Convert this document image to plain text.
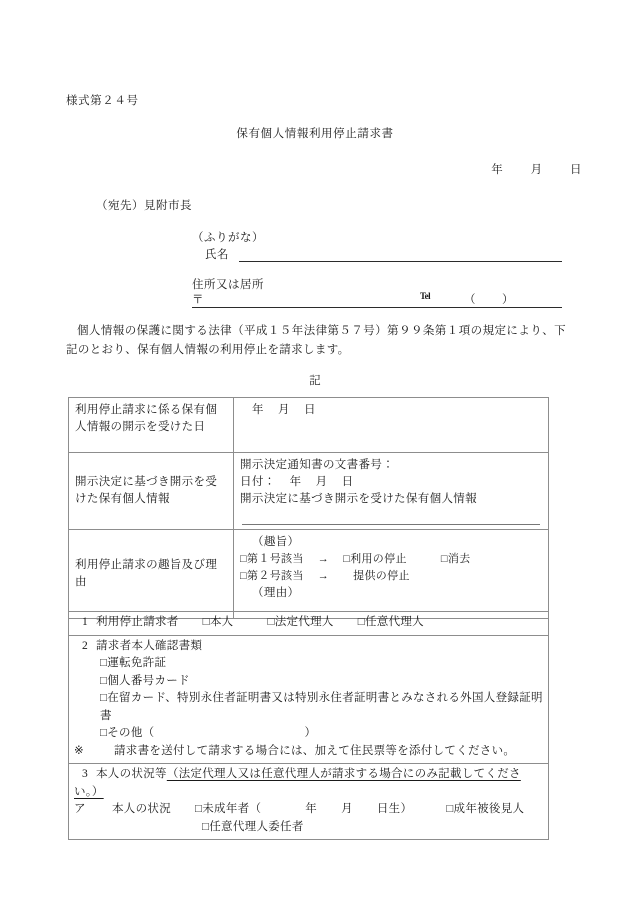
様式第２４号
保有個人情報利用停止請求書
年 月 日
（宛先）見附市長
（ふりがな）
氏名
住所又は居所
〒	Tel	（ ）
個人情報の保護に関する法律（平成１５年法律第５７号）第９９条第１項の規定により、下記のとおり、保有個人情報の利用停止を請求します。
記
利用停止請求に係る保有個人情報の開示を受けた日	年 月 日

開示決定に基づき開示を受けた保有個人情報	開示決定通知書の文書番号：
日付： 年 月 日
開示決定に基づき開示を受けた保有個人情報

利用停止請求の趣旨及び理由	（趣旨）
□第１号該当 → □利用の停止 □消去
□第２号該当 → 提供の停止
（理由）
1 利用停止請求者 □本人	□法定代理人 □任意代理人

2 請求者本人確認書類
□運転免許証
□個人番号カード
□在留カード、特別永住者証明書又は特別永住者証明書とみなされる外国人登録証明書
□その他（	）
※	請求書を送付して請求する場合には、加えて住民票等を添付してください。

3 本人の状況等（法定代理人又は任意代理人が請求する場合にのみ記載してください。）
ア 本人の状況 □未成年者（	年 月 日生）	□成年被後見人
□任意代理人委任者
